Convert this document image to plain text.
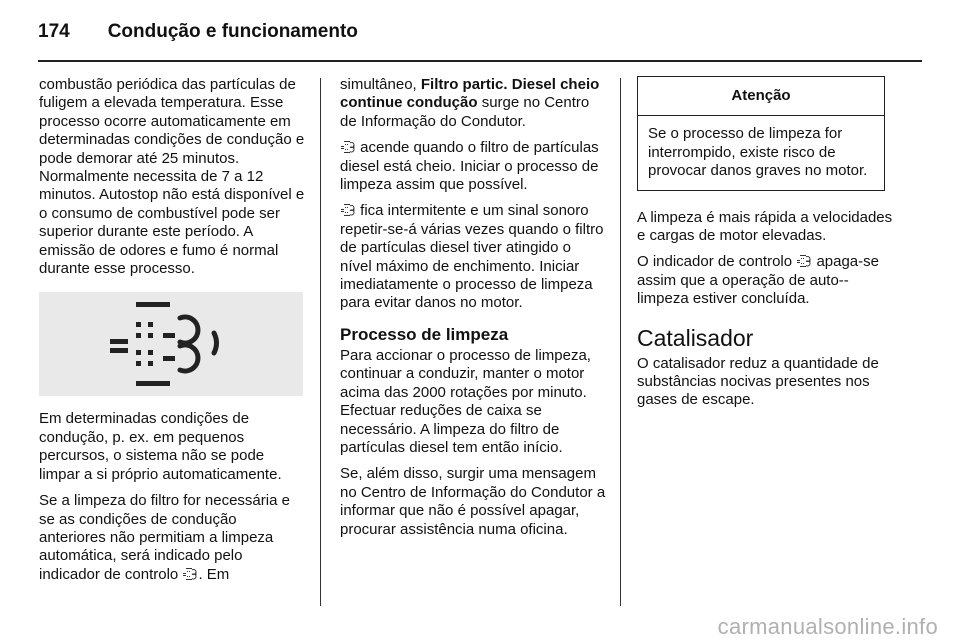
174 Condução e funcionamento

combustão periódica das partículas de fuligem a elevada temperatura. Esse processo ocorre automaticamente em determinadas condições de condução e pode demorar até 25 minutos. Normalmente necessita de 7 a 12 minutos. Autostop não está disponível e o consumo de combustível pode ser superior durante este período. A emissão de odores e fumo é normal durante esse processo.

Em determinadas condições de condução, p. ex. em pequenos percursos, o sistema não se pode limpar a si próprio automaticamente.

Se a limpeza do filtro for necessária e se as condições de condução anteriores não permitiam a limpeza automática, será indicado pelo indicador de controlo . Em

simultâneo, Filtro partic. Diesel cheio continue condução surge no Centro de Informação do Condutor.

acende quando o filtro de partículas diesel está cheio. Iniciar o processo de limpeza assim que possível.

fica intermitente e um sinal sonoro repetir-se-á várias vezes quando o filtro de partículas diesel tiver atingido o nível máximo de enchimento. Iniciar imediatamente o processo de limpeza para evitar danos no motor.

Processo de limpeza

Para accionar o processo de limpeza, continuar a conduzir, manter o motor acima das 2000 rotações por minuto. Efectuar reduções de caixa se necessário. A limpeza do filtro de partículas diesel tem então início.

Se, além disso, surgir uma mensagem no Centro de Informação do Condutor a informar que não é possível apagar, procurar assistência numa oficina.

Atenção
Se o processo de limpeza for interrompido, existe risco de provocar danos graves no motor.

A limpeza é mais rápida a velocidades e cargas de motor elevadas.

O indicador de controlo apaga-se assim que a operação de auto--limpeza estiver concluída.

Catalisador

O catalisador reduz a quantidade de substâncias nocivas presentes nos gases de escape.

carmanualsonline.info
